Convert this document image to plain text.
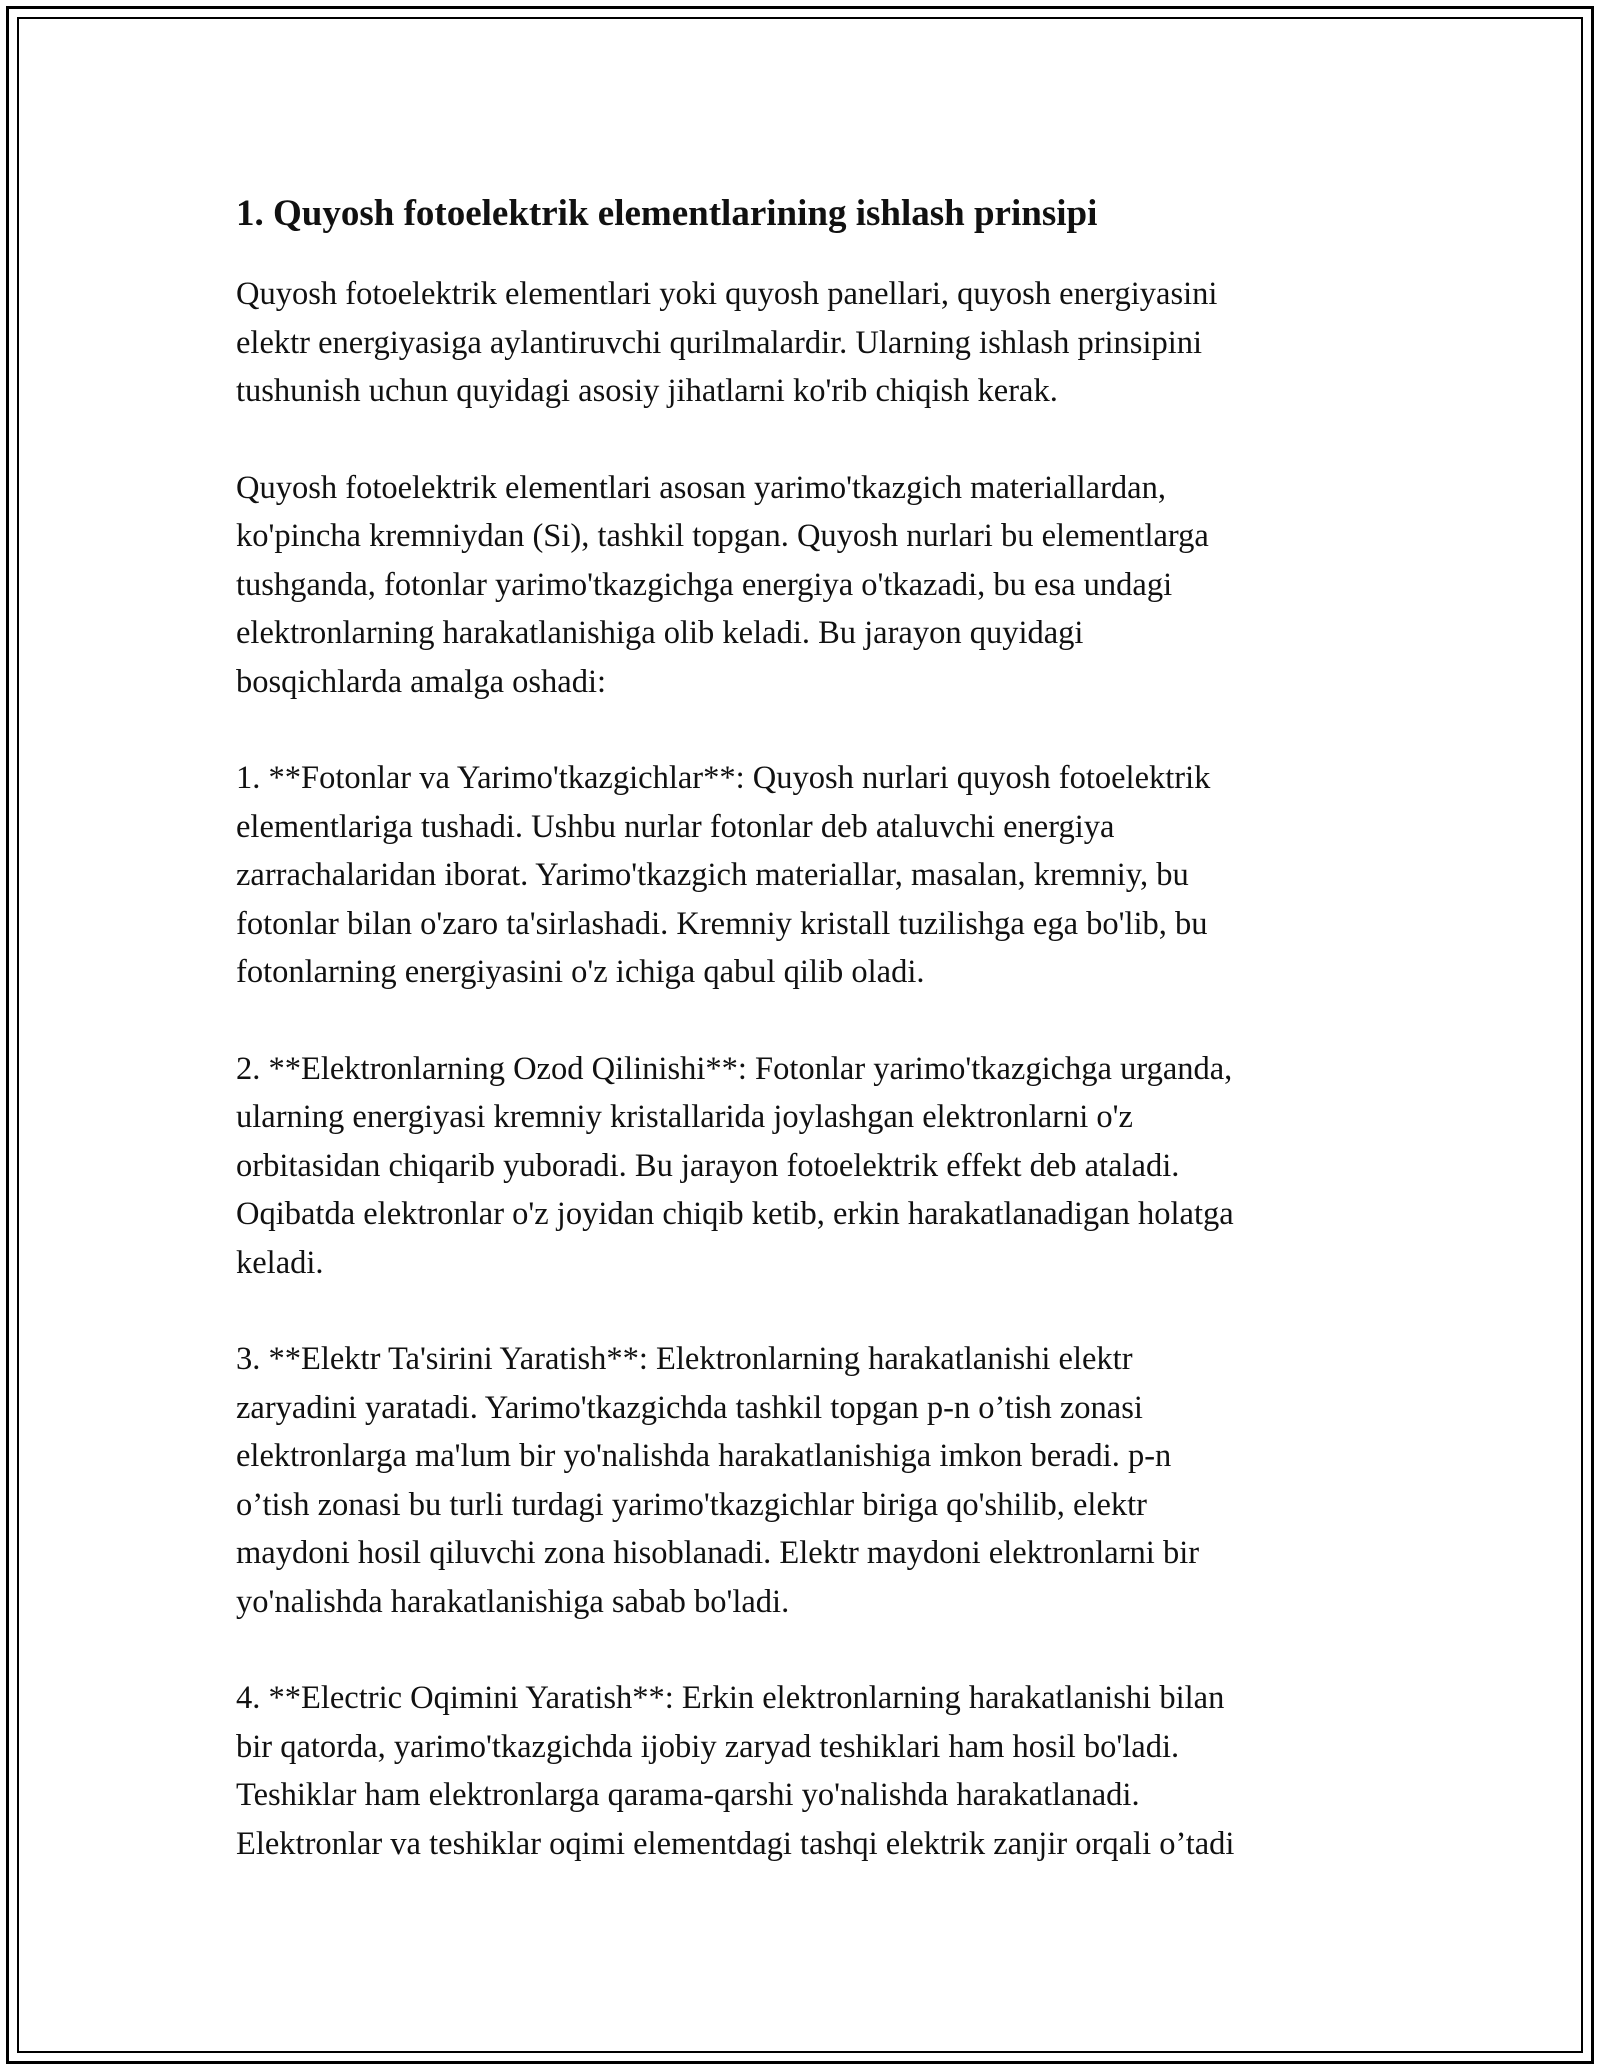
1. Quyosh fotoelektrik elementlarining ishlash prinsipi

Quyosh fotoelektrik elementlari yoki quyosh panellari, quyosh energiyasini
elektr energiyasiga aylantiruvchi qurilmalardir. Ularning ishlash prinsipini
tushunish uchun quyidagi asosiy jihatlarni ko'rib chiqish kerak.

Quyosh fotoelektrik elementlari asosan yarimo'tkazgich materiallardan,
ko'pincha kremniydan (Si), tashkil topgan. Quyosh nurlari bu elementlarga
tushganda, fotonlar yarimo'tkazgichga energiya o'tkazadi, bu esa undagi
elektronlarning harakatlanishiga olib keladi. Bu jarayon quyidagi
bosqichlarda amalga oshadi:

1. **Fotonlar va Yarimo'tkazgichlar**: Quyosh nurlari quyosh fotoelektrik
elementlariga tushadi. Ushbu nurlar fotonlar deb ataluvchi energiya
zarrachalaridan iborat. Yarimo'tkazgich materiallar, masalan, kremniy, bu
fotonlar bilan o'zaro ta'sirlashadi. Kremniy kristall tuzilishga ega bo'lib, bu
fotonlarning energiyasini o'z ichiga qabul qilib oladi.

2. **Elektronlarning Ozod Qilinishi**: Fotonlar yarimo'tkazgichga urganda,
ularning energiyasi kremniy kristallarida joylashgan elektronlarni o'z
orbitasidan chiqarib yuboradi. Bu jarayon fotoelektrik effekt deb ataladi.
Oqibatda elektronlar o'z joyidan chiqib ketib, erkin harakatlanadigan holatga
keladi.

3. **Elektr Ta'sirini Yaratish**: Elektronlarning harakatlanishi elektr
zaryadini yaratadi. Yarimo'tkazgichda tashkil topgan p-n o’tish zonasi
elektronlarga ma'lum bir yo'nalishda harakatlanishiga imkon beradi. p-n
o’tish zonasi bu turli turdagi yarimo'tkazgichlar biriga qo'shilib, elektr
maydoni hosil qiluvchi zona hisoblanadi. Elektr maydoni elektronlarni bir
yo'nalishda harakatlanishiga sabab bo'ladi.

4. **Electric Oqimini Yaratish**: Erkin elektronlarning harakatlanishi bilan
bir qatorda, yarimo'tkazgichda ijobiy zaryad teshiklari ham hosil bo'ladi.
Teshiklar ham elektronlarga qarama-qarshi yo'nalishda harakatlanadi.
Elektronlar va teshiklar oqimi elementdagi tashqi elektrik zanjir orqali o’tadi
